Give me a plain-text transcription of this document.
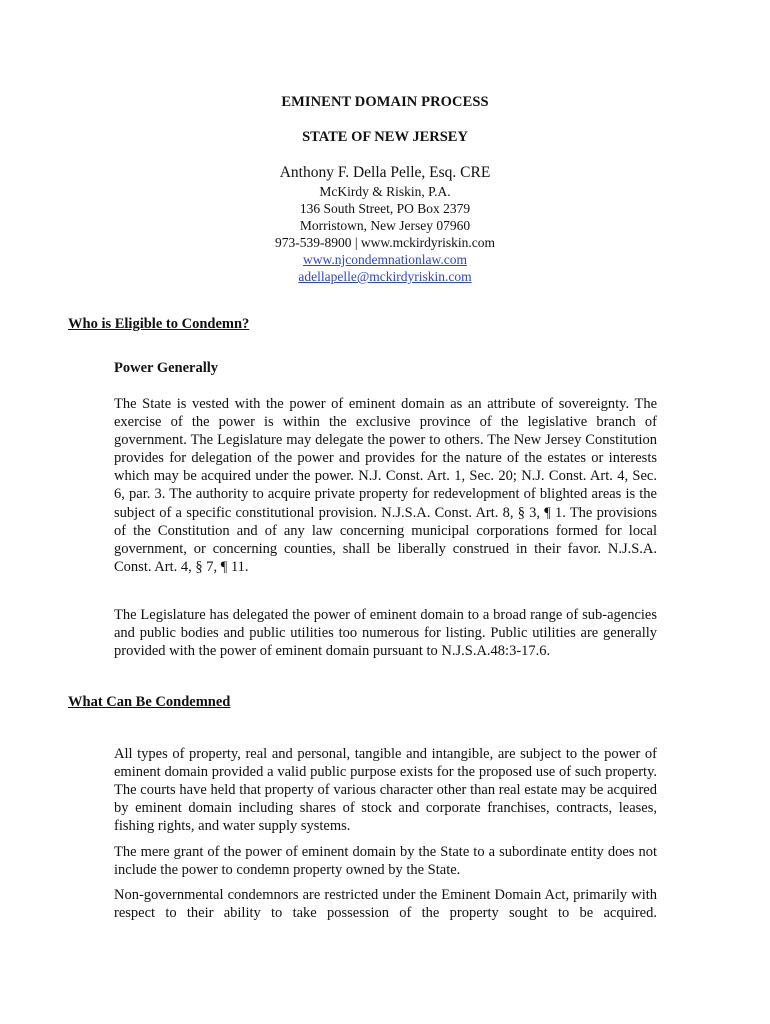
EMINENT DOMAIN PROCESS
STATE OF NEW JERSEY
Anthony F. Della Pelle, Esq. CRE
McKirdy & Riskin, P.A.
136 South Street, PO Box 2379
Morristown, New Jersey 07960
973-539-8900 | www.mckirdyriskin.com
www.njcondemnationlaw.com
adellapelle@mckirdyriskin.com
Who is Eligible to Condemn?
Power Generally
The State is vested with the power of eminent domain as an attribute of sovereignty. The exercise of the power is within the exclusive province of the legislative branch of government. The Legislature may delegate the power to others. The New Jersey Constitution provides for delegation of the power and provides for the nature of the estates or interests which may be acquired under the power. N.J. Const. Art. 1, Sec. 20; N.J. Const. Art. 4, Sec. 6, par. 3. The authority to acquire private property for redevelopment of blighted areas is the subject of a specific constitutional provision. N.J.S.A. Const. Art. 8, § 3, ¶ 1. The provisions of the Constitution and of any law concerning municipal corporations formed for local government, or concerning counties, shall be liberally construed in their favor. N.J.S.A. Const. Art. 4, § 7, ¶ 11.
The Legislature has delegated the power of eminent domain to a broad range of sub-agencies and public bodies and public utilities too numerous for listing. Public utilities are generally provided with the power of eminent domain pursuant to N.J.S.A.48:3-17.6.
What Can Be Condemned
All types of property, real and personal, tangible and intangible, are subject to the power of eminent domain provided a valid public purpose exists for the proposed use of such property. The courts have held that property of various character other than real estate may be acquired by eminent domain including shares of stock and corporate franchises, contracts, leases, fishing rights, and water supply systems.
The mere grant of the power of eminent domain by the State to a subordinate entity does not include the power to condemn property owned by the State.
Non-governmental condemnors are restricted under the Eminent Domain Act, primarily with respect to their ability to take possession of the property sought to be acquired.
